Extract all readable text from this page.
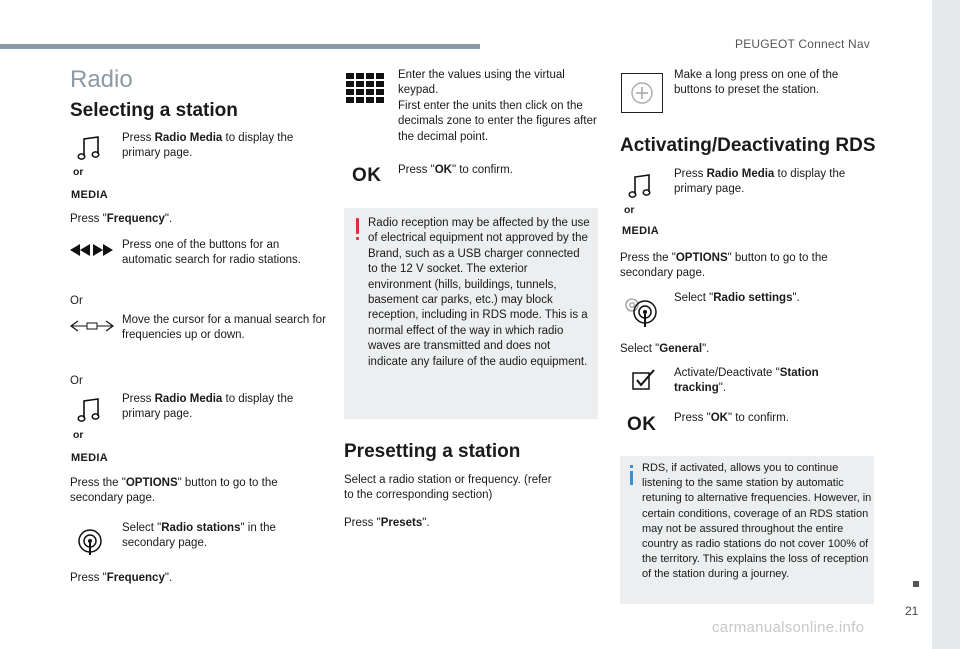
PEUGEOT Connect Nav
21
carmanualsonline.info
Radio
Selecting a station
or
MEDIA
Press Radio Media to display the primary page.
Press "Frequency".
Press one of the buttons for an automatic search for radio stations.
Or
Move the cursor for a manual search for frequencies up or down.
Or
or
MEDIA
Press Radio Media to display the primary page.
Press the "OPTIONS" button to go to the secondary page.
Select "Radio stations" in the secondary page.
Press "Frequency".
Enter the values using the virtual keypad.
First enter the units then click on the decimals zone to enter the figures after the decimal point.
OK Press "OK" to confirm.
Radio reception may be affected by the use of electrical equipment not approved by the Brand, such as a USB charger connected to the 12 V socket. The exterior environment (hills, buildings, tunnels, basement car parks, etc.) may block reception, including in RDS mode. This is a normal effect of the way in which radio waves are transmitted and does not indicate any failure of the audio equipment.
Presetting a station
Select a radio station or frequency. (refer to the corresponding section)
Press "Presets".
Make a long press on one of the buttons to preset the station.
Activating/Deactivating RDS
or
MEDIA
Press Radio Media to display the primary page.
Press the "OPTIONS" button to go to the secondary page.
Select "Radio settings".
Select "General".
Activate/Deactivate "Station tracking".
OK Press "OK" to confirm.
RDS, if activated, allows you to continue listening to the same station by automatic retuning to alternative frequencies. However, in certain conditions, coverage of an RDS station may not be assured throughout the entire country as radio stations do not cover 100% of the territory. This explains the loss of reception of the station during a journey.
